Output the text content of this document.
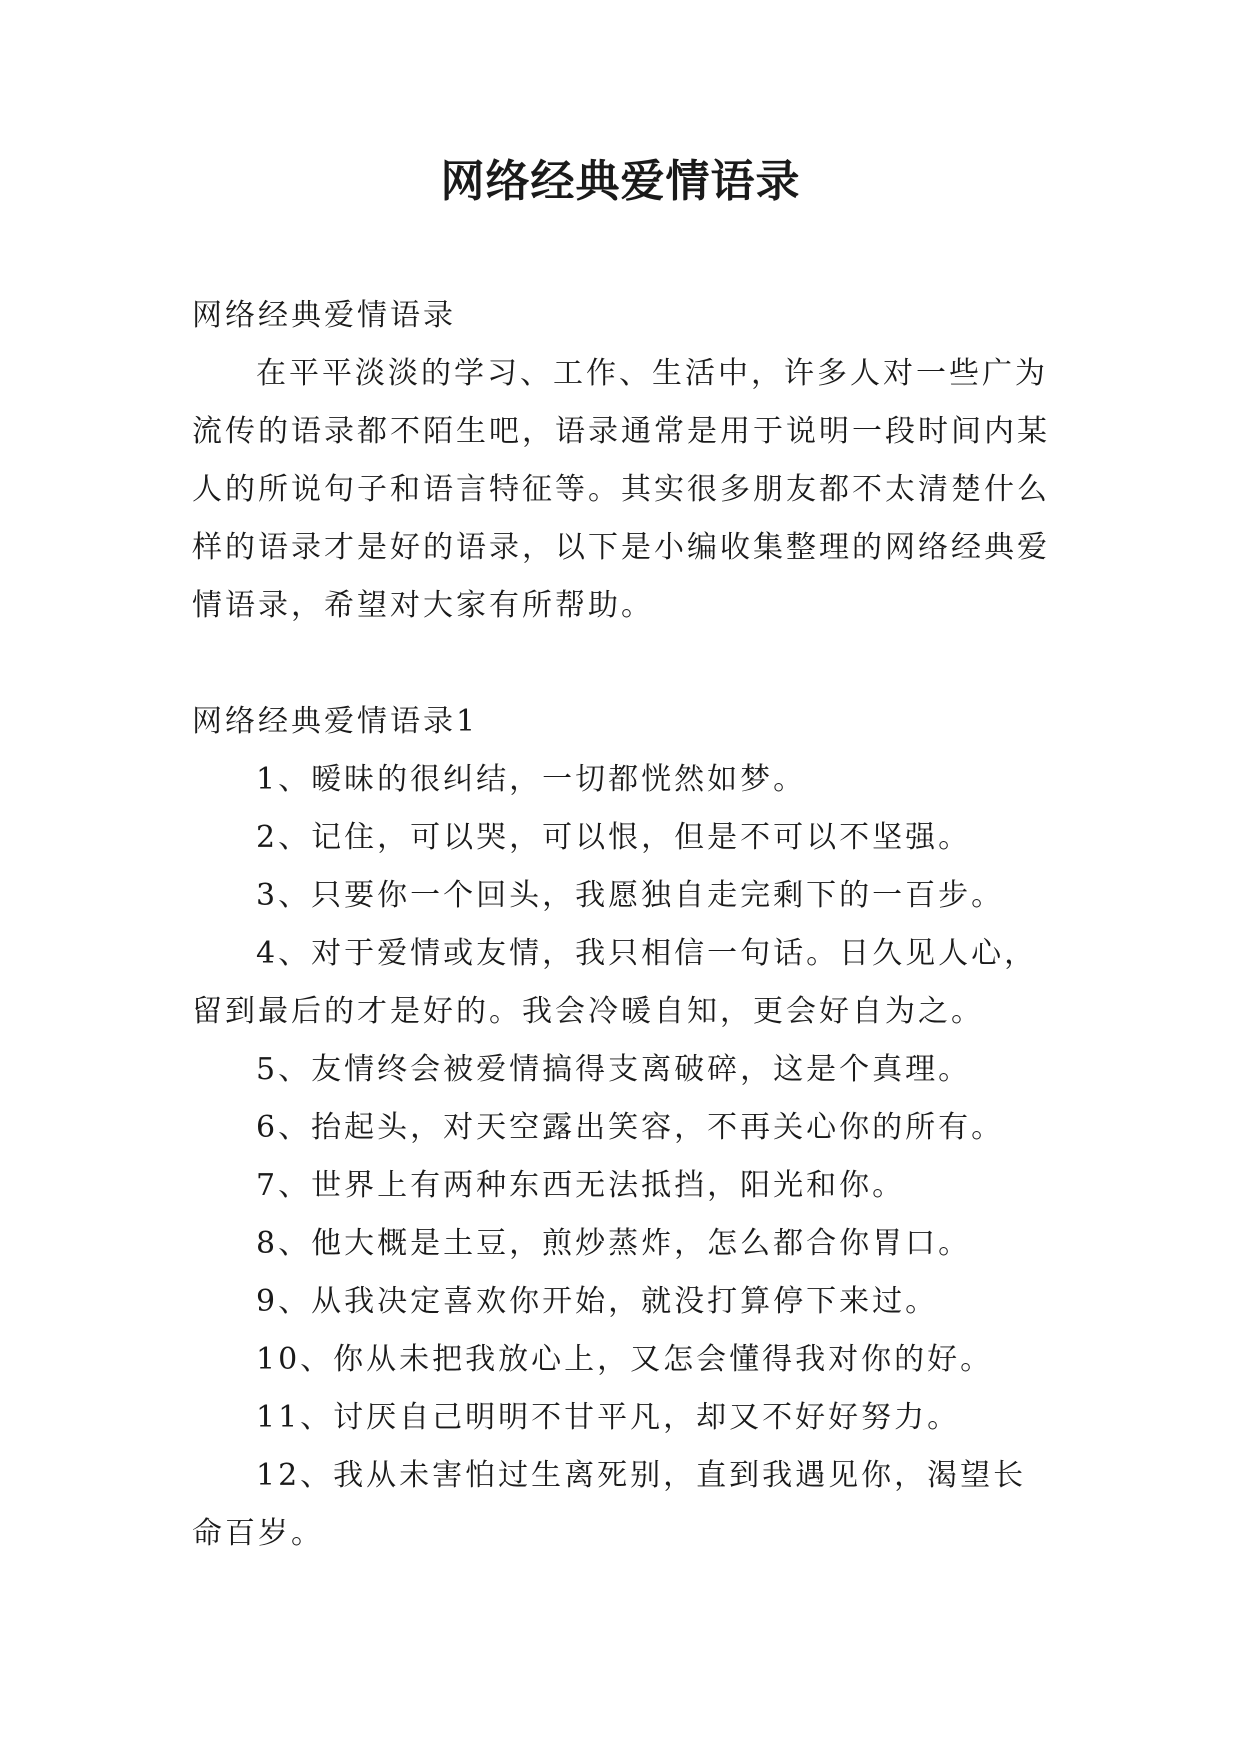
网络经典爱情语录

网络经典爱情语录

在平平淡淡的学习、工作、生活中，许多人对一些广为流传的语录都不陌生吧，语录通常是用于说明一段时间内某人的所说句子和语言特征等。其实很多朋友都不太清楚什么样的语录才是好的语录，以下是小编收集整理的网络经典爱情语录，希望对大家有所帮助。

网络经典爱情语录1

1、暧昧的很纠结，一切都恍然如梦。

2、记住，可以哭，可以恨，但是不可以不坚强。

3、只要你一个回头，我愿独自走完剩下的一百步。

4、对于爱情或友情，我只相信一句话。日久见人心，留到最后的才是好的。我会冷暖自知，更会好自为之。

5、友情终会被爱情搞得支离破碎，这是个真理。

6、抬起头，对天空露出笑容，不再关心你的所有。

7、世界上有两种东西无法抵挡，阳光和你。

8、他大概是土豆，煎炒蒸炸，怎么都合你胃口。

9、从我决定喜欢你开始，就没打算停下来过。

10、你从未把我放心上，又怎会懂得我对你的好。

11、讨厌自己明明不甘平凡，却又不好好努力。

12、我从未害怕过生离死别，直到我遇见你，渴望长命百岁。
